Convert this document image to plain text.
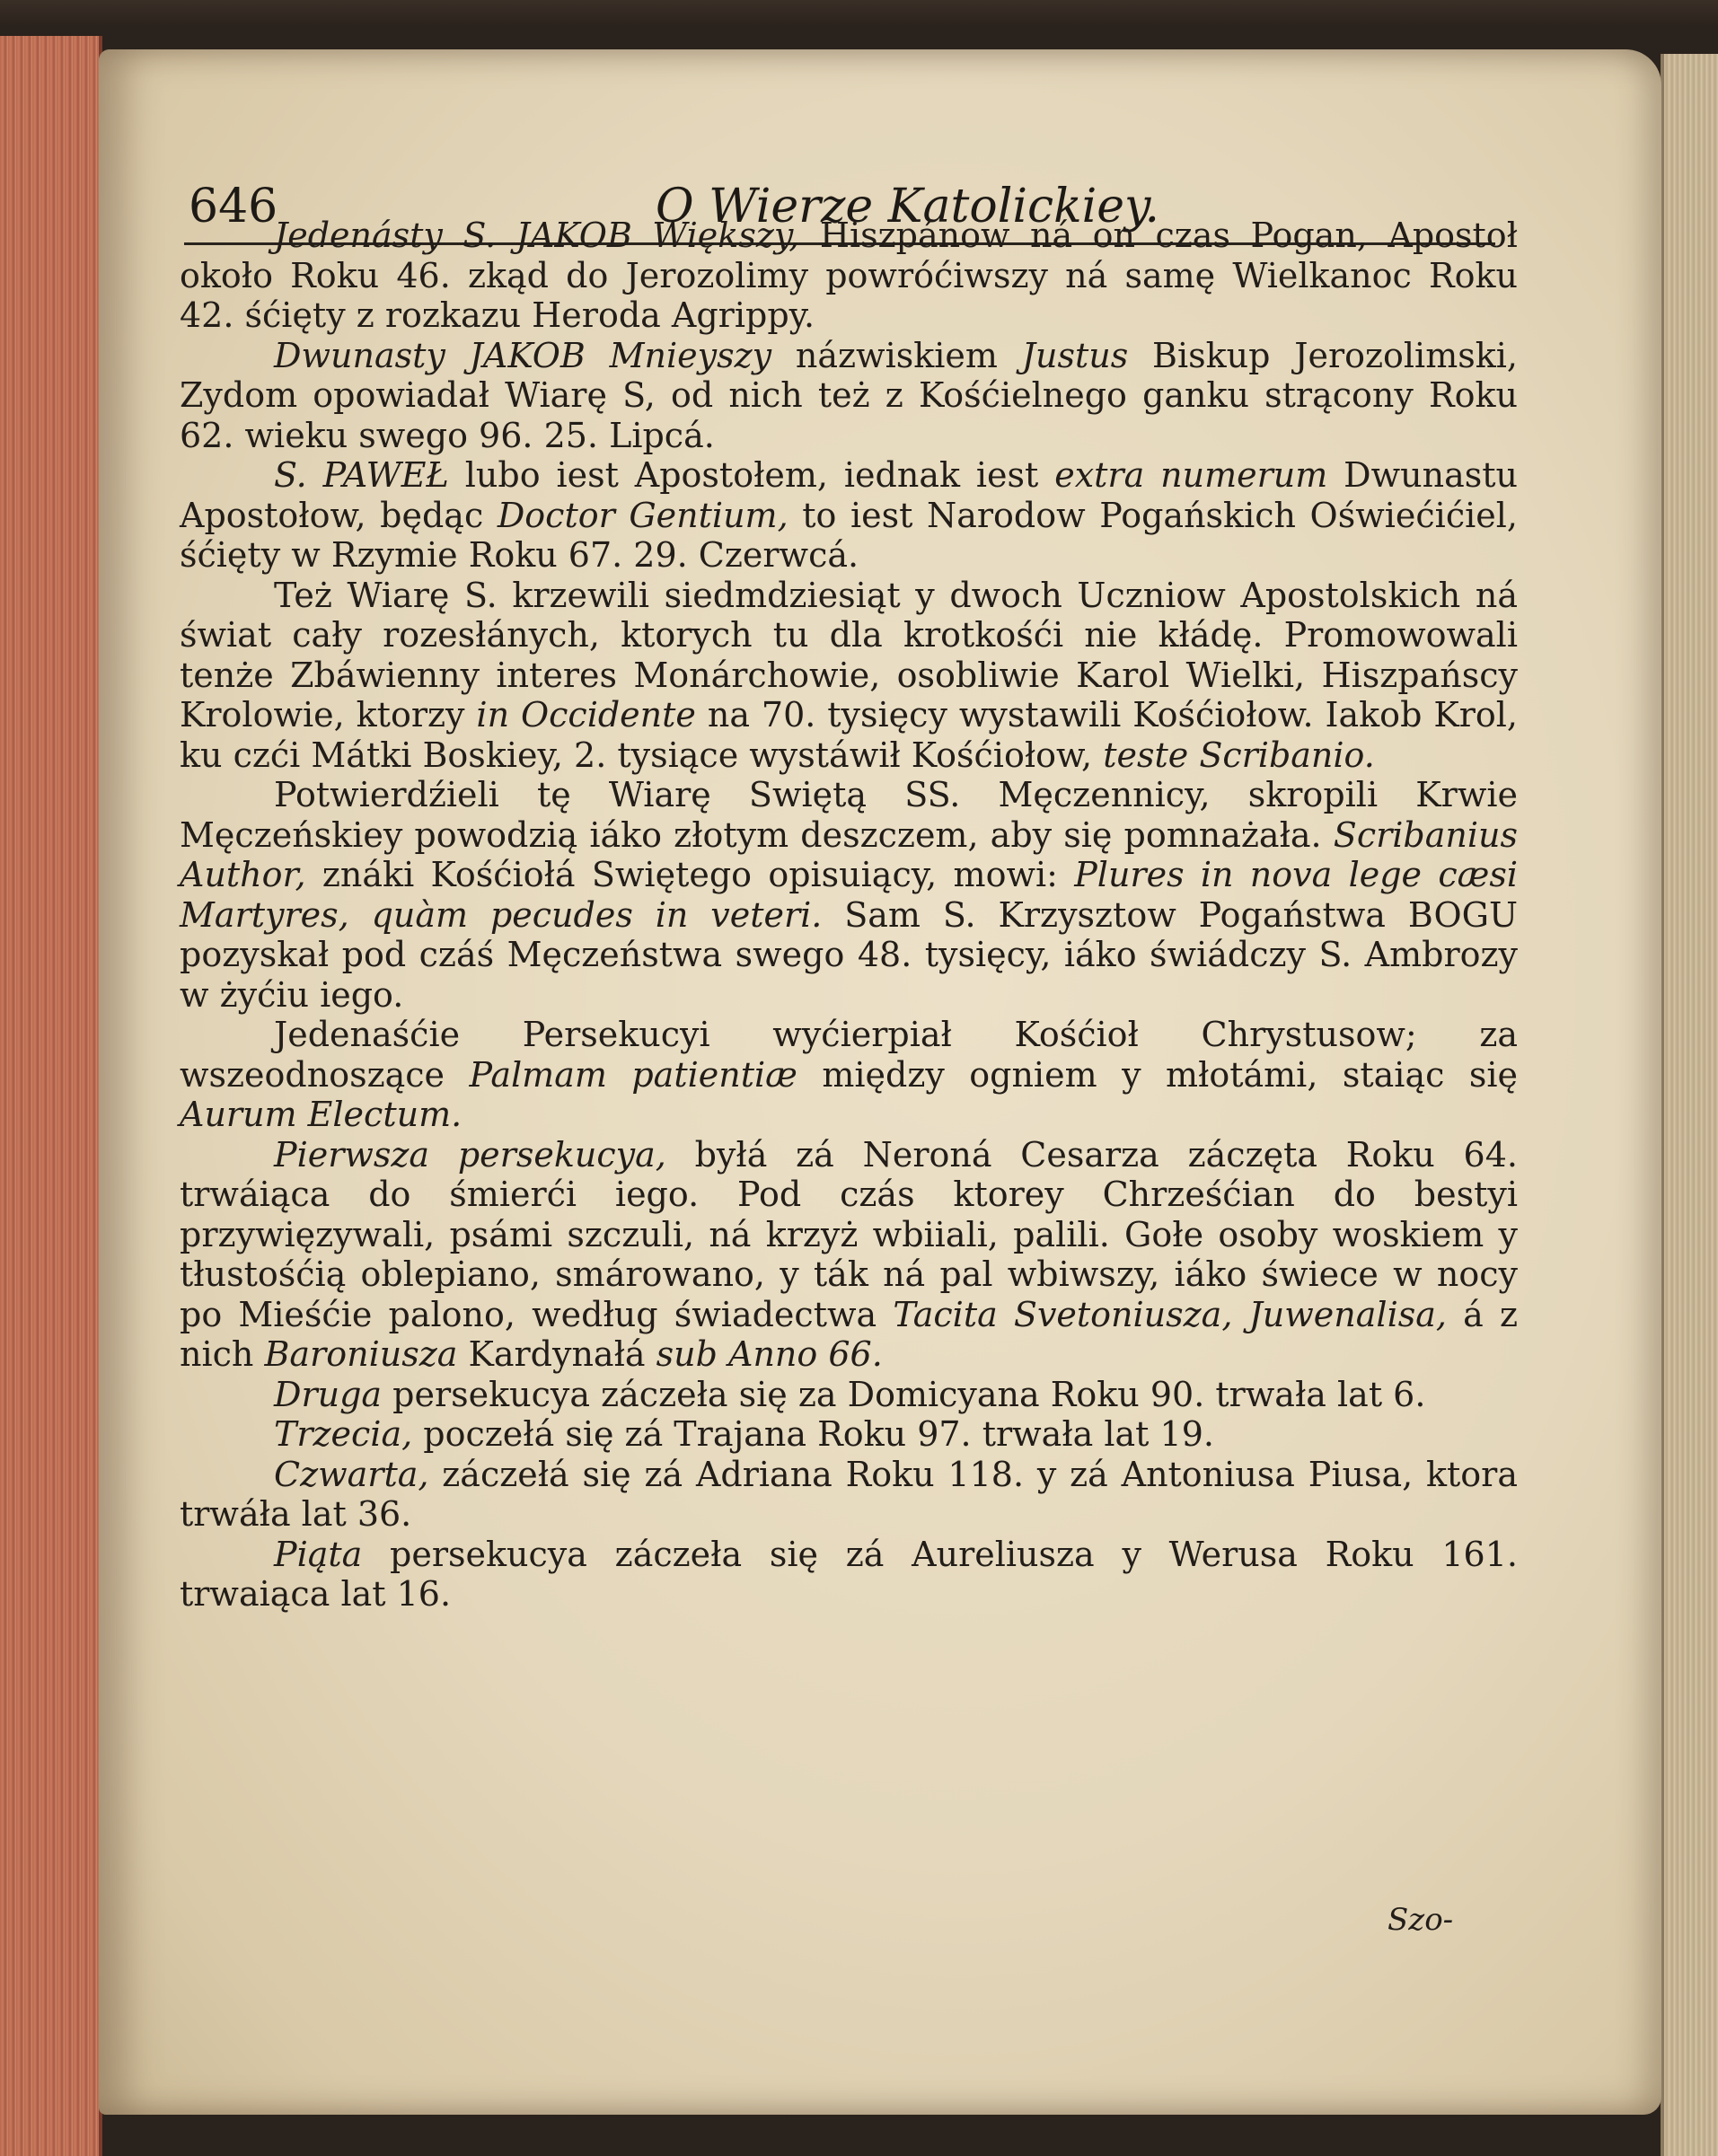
646	O Wierze Katolickiey.

Jedenásty S. JAKOB Większy, Hiszpánow ná on czas Pogan, Apostoł około Roku 46. zkąd do Jerozolimy powróćiwszy ná samę Wielkanoc Roku 42. śćięty z rozkazu Heroda Agrippy.

Dwunasty JAKOB Mnieyszy názwiskiem Justus Biskup Jerozolimski, Zydom opowiadał Wiarę S, od nich też z Kośćielnego ganku strącony Roku 62. wieku swego 96. 25. Lipcá.

S. PAWEŁ lubo iest Apostołem, iednak iest extra numerum Dwunastu Apostołow, będąc Doctor Gentium, to iest Narodow Pogańskich Oświećićiel, śćięty w Rzymie Roku 67. 29. Czerwcá.

Też Wiarę S. krzewili siedmdziesiąt y dwoch Uczniow Apostolskich ná świat cały rozesłánych, ktorych tu dla krotkośći nie kłádę. Promowowali tenże Zbáwienny interes Monárchowie, osobliwie Karol Wielki, Hiszpańscy Krolowie, ktorzy in Occidente na 70. tysięcy wystawili Kośćiołow. Iakob Krol, ku czći Mátki Boskiey, 2. tysiące wystáwił Kośćiołow, teste Scribanio.

Potwierdźieli tę Wiarę Swiętą SS. Męczennicy, skropili Krwie Męczeńskiey powodzią iáko złotym deszczem, aby się pomnażała. Scribanius Author, znáki Kośćiołá Swiętego opisuiący, mowi: Plures in nova lege cæsi Martyres, quàm pecudes in veteri. Sam S. Krzysztow Pogaństwa BOGU pozyskał pod czáś Męczeństwa swego 48. tysięcy, iáko świádczy S. Ambrozy w żyćiu iego.

Jedenaśćie Persekucyi wyćierpiał Kośćioł Chrystusow; za wszeodnoszące Palmam patientiæ między ogniem y młotámi, staiąc się Aurum Electum.

Pierwsza persekucya, byłá zá Neroná Cesarza záczęta Roku 64. trwáiąca do śmierći iego. Pod czás ktorey Chrześćian do bestyi przywięzywali, psámi szczuli, ná krzyż wbiiali, palili. Gołe osoby woskiem y tłustośćią oblepiano, smárowano, y ták ná pal wbiwszy, iáko świece w nocy po Mieśćie palono, według świadectwa Tacita Svetoniusza, Juwenalisa, á z nich Baroniusza Kardynałá sub Anno 66.

Druga persekucya záczeła się za Domicyana Roku 90. trwała lat 6.

Trzecia, poczełá się zá Trajana Roku 97. trwała lat 19.

Czwarta, záczełá się zá Adriana Roku 118. y zá Antoniusa Piusa, ktora trwáła lat 36.

Piąta persekucya záczeła się zá Aureliusza y Werusa Roku 161. trwaiąca lat 16.

Szo-
